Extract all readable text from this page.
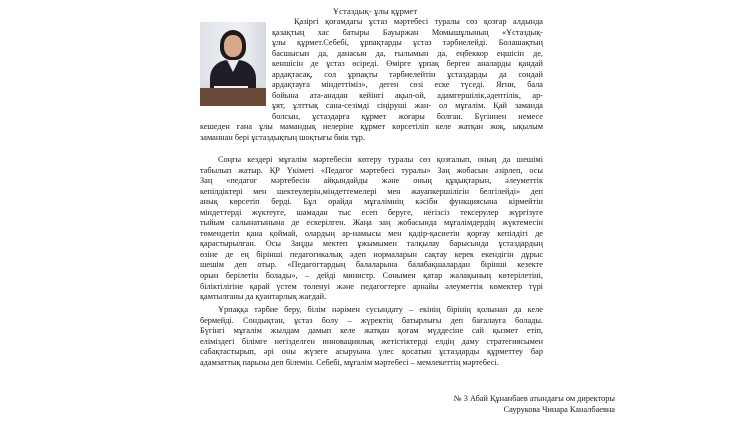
Ұстаздық- ұлы құрмет
Қазіргі қоғамдағы ұстаз мәртебесі туралы сөз қозғар алдында
қазақтың хас батыры Бауыржан Момышұлының «Ұстаздық-
ұлы құрмет.Себебі, ұрпақтарды ұстаз тәрбиелейді. Болашақтың
басшысын да, данасын да, ғылымын да, еңбеккор еңшісін де,
кеншісін де ұстаз өсіреді. Өмірге ұрпақ берген аналарды қандай
ардақтасақ, сол ұрпақты тәрбиелейтін ұстаздарды да сондай
ардақтауға міндеттіміз», деген сөзі еске түседі. Яғни, бала
бойына ата-анадан кейінгі ақыл-ой, адамгершілік,әдептілік, ар-
ұят, ұлттық сана-сезімді сіңіруші жан- ол мұғалім. Қай заманда
болсын, ұстаздарға құрмет жоғары болған. Бүгіннен немесе
кешеден ғана ұлы мамандық иелеріне құрмет көрсетіліп келе жатқан жоқ, ықылым
заманнан бері ұстаздықтың шоқтығы биік тұр.
Соңғы кездері мұғалім мәртебесін көтеру туралы сөз қозғалып, оның да шешімі
табылып жатыр. ҚР Үкіметі «Педагог мәртебесі туралы» Заң жобасын әзірлеп, осы
Заң «педагог мәртебесін айқындайды және оның құқықтарын, әлеуметтік
кепілдіктері мен шектеулерін,міндеттемелері мен жауапкершілігін белгілейді» деп
анық көрсетіп берді. Бұл орайда мұғалімнің кәсіби функциясына кірмейтін
міндеттерді жүктеуге, шамадан тыс есеп беруге, негізсіз тексерулер жүргізуге
тыйым салынатынына де ескерілген. Жаңа заң жобасында мұғалімдердің жүктемесін
төмендетіп қана қоймай, олардың ар-намысы мен қадір-қасиетін қорғау кепілдігі де
қарастырылған. Осы Заңды мектеп ұжымымен талқылау барысында ұстаздардың
өзіне де ең бірінші педагогикалық әдеп нормаларын сақтау керек екендігін дұрыс
шешім деп отыр. «Педагогтардың балаларына балабақшалардан бірінші кезекте
орын берілетін болады», – дейді министр. Сонымен қатар жалақының көтерілетіні,
біліктілігіне қарай үстем төленуі және педагогтерге арнайы әлеуметтік көмектер түрі
қамтылғаны да қуантарлық жағдай.
Ұрпаққа тәрбие беру, білім нәрімен сусындату – екінің бірінің қолынан да келе
бермейді. Сондықтан, ұстаз болу – жүректің батырлығы деп бағалауға болады.
Бүгінгі мұғалім жылдам дамып келе жатқан қоғам мүддесіне сай қызмет етіп,
еліміздегі білімге негізделген инновациялық жетістіктерді елдің даму стратегиясымен
сабақтастырып, әрі оны жүзеге асыруына үлес қосатын ұстаздарды құрметтеу бар
адамзаттық парызы деп білемін. Себебі, мұғалім мәртебесі – мемлекеттің мәртебесі.
№ 3 Абай Құнанбаев атындағы ом директоры
Саурукова Чинара Каналбаевна
